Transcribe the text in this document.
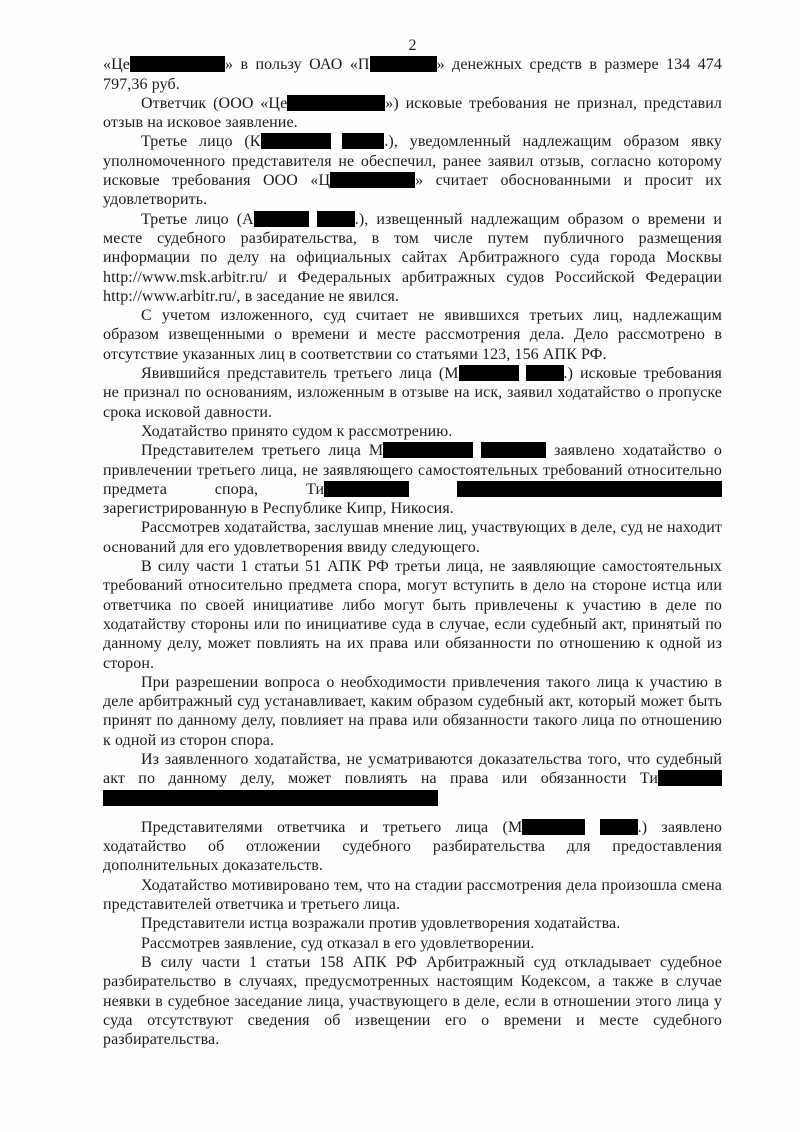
2

«Це	» в пользу ОАО «П	» денежных средств в размере 134 474 797,36 руб.

Ответчик (ООО «Це	») исковые требования не признал, представил отзыв на исковое заявление.

Третье лицо (К	.), уведомленный надлежащим образом явку уполномоченного представителя не обеспечил, ранее заявил отзыв, согласно которому исковые требования ООО «Ц	» считает обоснованными и просит их удовлетворить.

Третье лицо (А	.), извещенный надлежащим образом о времени и месте судебного разбирательства, в том числе путем публичного размещения информации по делу на официальных сайтах Арбитражного суда города Москвы http://www.msk.arbitr.ru/ и Федеральных арбитражных судов Российской Федерации http://www.arbitr.ru/, в заседание не явился.

С учетом изложенного, суд считает не явившихся третьих лиц, надлежащим образом извещенными о времени и месте рассмотрения дела. Дело рассмотрено в отсутствие указанных лиц в соответствии со статьями 123, 156 АПК РФ.

Явившийся представитель третьего лица (М	.) исковые требования не признал по основаниям, изложенным в отзыве на иск, заявил ходатайство о пропуске срока исковой давности.

Ходатайство принято судом к рассмотрению.

Представителем третьего лица М	заявлено ходатайство о привлечении третьего лица, не заявляющего самостоятельных требований относительно предмета спора, Ти  зарегистрированную в Республике Кипр, Никосия.

Рассмотрев ходатайства, заслушав мнение лиц, участвующих в деле, суд не находит оснований для его удовлетворения ввиду следующего.

В силу части 1 статьи 51 АПК РФ третьи лица, не заявляющие самостоятельных требований относительно предмета спора, могут вступить в дело на стороне истца или ответчика по своей инициативе либо могут быть привлечены к участию в деле по ходатайству стороны или по инициативе суда в случае, если судебный акт, принятый по данному делу, может повлиять на их права или обязанности по отношению к одной из сторон.

При разрешении вопроса о необходимости привлечения такого лица к участию в деле арбитражный суд устанавливает, каким образом судебный акт, который может быть принят по данному делу, повлияет на права или обязанности такого лица по отношению к одной из сторон спора.

Из заявленного ходатайства, не усматриваются доказательства того, что судебный акт по данному делу, может повлиять на права или обязанности Ти

Представителями ответчика и третьего лица (М	.) заявлено ходатайство об отложении судебного разбирательства для предоставления дополнительных доказательств.

Ходатайство мотивировано тем, что на стадии рассмотрения дела произошла смена представителей ответчика и третьего лица.

Представители истца возражали против удовлетворения ходатайства.

Рассмотрев заявление, суд отказал в его удовлетворении.

В силу части 1 статьи 158 АПК РФ Арбитражный суд откладывает судебное разбирательство в случаях, предусмотренных настоящим Кодексом, а также в случае неявки в судебное заседание лица, участвующего в деле, если в отношении этого лица у суда отсутствуют сведения об извещении его о времени и месте судебного разбирательства.
